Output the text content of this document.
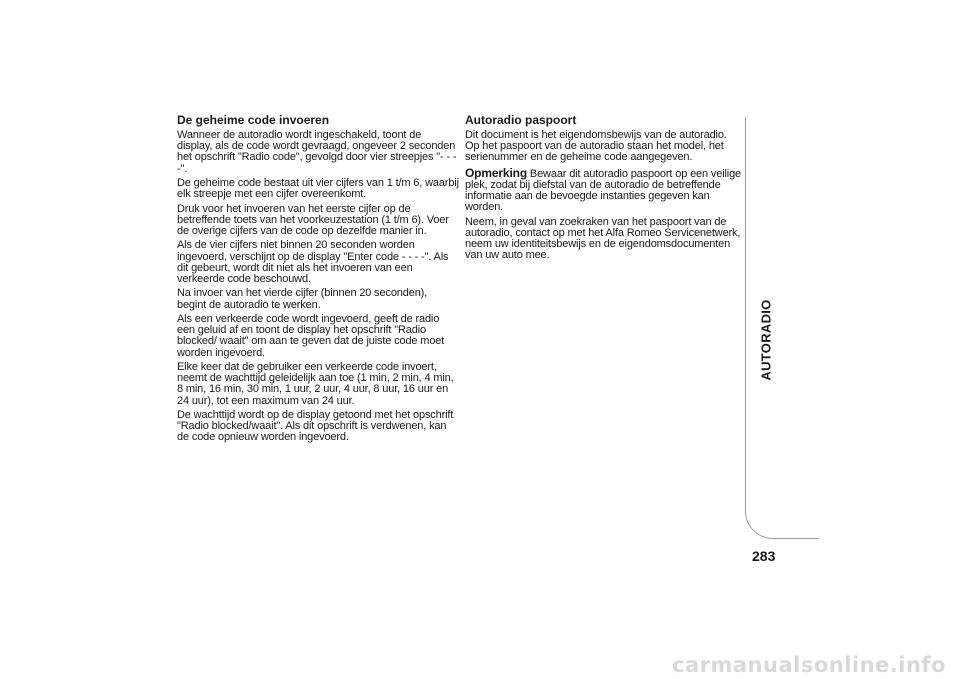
De geheime code invoeren

Wanneer de autoradio wordt ingeschakeld, toont de display, als de code wordt gevraagd, ongeveer 2 seconden het opschrift "Radio code", gevolgd door vier streepjes "- - - -".

De geheime code bestaat uit vier cijfers van 1 t/m 6, waarbij elk streepje met een cijfer overeenkomt.

Druk voor het invoeren van het eerste cijfer op de betreffende toets van het voorkeuzestation (1 t/m 6). Voer de overige cijfers van de code op dezelfde manier in.

Als de vier cijfers niet binnen 20 seconden worden ingevoerd, verschijnt op de display "Enter code - - - -". Als dit gebeurt, wordt dit niet als het invoeren van een verkeerde code beschouwd.

Na invoer van het vierde cijfer (binnen 20 seconden), begint de autoradio te werken.

Als een verkeerde code wordt ingevoerd, geeft de radio een geluid af en toont de display het opschrift "Radio blocked/ waait" om aan te geven dat de juiste code moet worden ingevoerd.

Elke keer dat de gebruiker een verkeerde code invoert, neemt de wachttijd geleidelijk aan toe (1 min, 2 min, 4 min, 8 min, 16 min, 30 min, 1 uur, 2 uur, 4 uur, 8 uur, 16 uur en 24 uur), tot een maximum van 24 uur.

De wachttijd wordt op de display getoond met het opschrift "Radio blocked/waait". Als dit opschrift is verdwenen, kan de code opnieuw worden ingevoerd.

Autoradio paspoort

Dit document is het eigendomsbewijs van de autoradio. Op het paspoort van de autoradio staan het model, het serienummer en de geheime code aangegeven.

Opmerking Bewaar dit autoradio paspoort op een veilige plek, zodat bij diefstal van de autoradio de betreffende informatie aan de bevoegde instanties gegeven kan worden.

Neem, in geval van zoekraken van het paspoort van de autoradio, contact op met het Alfa Romeo Servicenetwerk, neem uw identiteitsbewijs en de eigendomsdocumenten van uw auto mee.

AUTORADIO
283
carmanualsonline.info
